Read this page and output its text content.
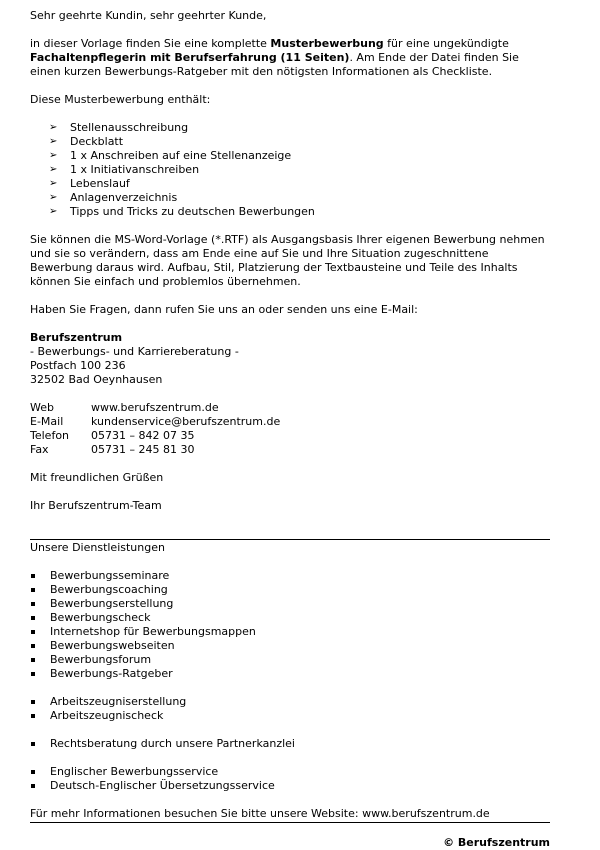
Sehr geehrte Kundin, sehr geehrter Kunde,

in dieser Vorlage finden Sie eine komplette Musterbewerbung für eine ungekündigte Fachaltenpflegerin mit Berufserfahrung (11 Seiten). Am Ende der Datei finden Sie einen kurzen Bewerbungs-Ratgeber mit den nötigsten Informationen als Checkliste.

Diese Musterbewerbung enthält:

➢ Stellenausschreibung
➢ Deckblatt
➢ 1 x Anschreiben auf eine Stellenanzeige
➢ 1 x Initiativanschreiben
➢ Lebenslauf
➢ Anlagenverzeichnis
➢ Tipps und Tricks zu deutschen Bewerbungen

Sie können die MS-Word-Vorlage (*.RTF) als Ausgangsbasis Ihrer eigenen Bewerbung nehmen und sie so verändern, dass am Ende eine auf Sie und Ihre Situation zugeschnittene Bewerbung daraus wird. Aufbau, Stil, Platzierung der Textbausteine und Teile des Inhalts können Sie einfach und problemlos übernehmen.

Haben Sie Fragen, dann rufen Sie uns an oder senden uns eine E-Mail:

Berufszentrum

- Bewerbungs- und Karriereberatung -

Postfach 100 236

32502 Bad Oeynhausen

Web	www.berufszentrum.de
E-Mail	kundenservice@berufszentrum.de
Telefon	05731 – 842 07 35
Fax	05731 – 245 81 30

Mit freundlichen Grüßen

Ihr Berufszentrum-Team

Unsere Dienstleistungen

Bewerbungsseminare
Bewerbungscoaching
Bewerbungserstellung
Bewerbungscheck
Internetshop für Bewerbungsmappen
Bewerbungswebseiten
Bewerbungsforum
Bewerbungs-Ratgeber
Arbeitszeugniserstellung
Arbeitszeugnischeck
Rechtsberatung durch unsere Partnerkanzlei
Englischer Bewerbungsservice
Deutsch-Englischer Übersetzungsservice

Für mehr Informationen besuchen Sie bitte unsere Website: www.berufszentrum.de

© Berufszentrum
